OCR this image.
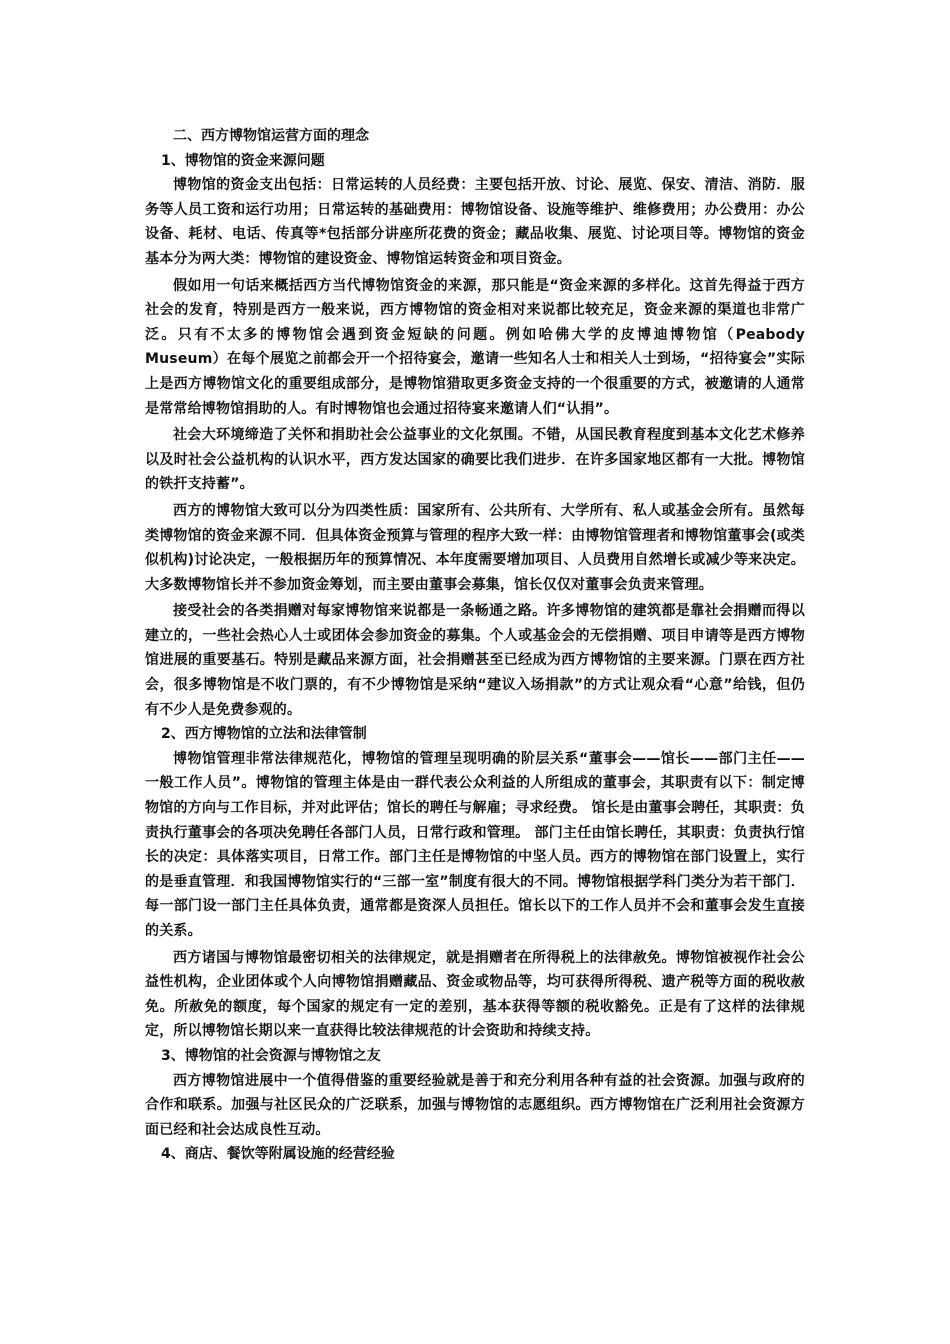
二、西方博物馆运营方面的理念

1、博物馆的资金来源问题

博物馆的资金支出包括：日常运转的人员经费：主要包括开放、讨论、展览、保安、清洁、消防．服务等人员工资和运行功用；日常运转的基础费用：博物馆设备、设施等维护、维修费用；办公费用：办公设备、耗材、电话、传真等*包括部分讲座所花费的资金；藏品收集、展览、讨论项目等。博物馆的资金基本分为两大类：博物馆的建设资金、博物馆运转资金和项目资金。

假如用一句话来概括西方当代博物馆资金的来源，那只能是“资金来源的多样化。这首先得益于西方社会的发育，特别是西方一般来说，西方博物馆的资金相对来说都比较充足，资金来源的渠道也非常广泛。只有不太多的博物馆会遇到资金短缺的问题。例如哈佛大学的皮博迪博物馆（Peabody Museum）在每个展览之前都会开一个招待宴会，邀请一些知名人士和相关人士到场，“招待宴会”实际上是西方博物馆文化的重要组成部分，是博物馆猎取更多资金支持的一个很重要的方式，被邀请的人通常是常常给博物馆捐助的人。有时博物馆也会通过招待宴来邀请人们“认捐”。

社会大环境缔造了关怀和捐助社会公益事业的文化氛围。不错，从国民教育程度到基本文化艺术修养以及时社会公益机构的认识水平，西方发达国家的确要比我们进步．在许多国家地区都有一大批。博物馆的铁扞支持蓄”。

西方的博物馆大致可以分为四类性质：国家所有、公共所有、大学所有、私人或基金会所有。虽然每类博物馆的资金来源不同．但具体资金预算与管理的程序大致一样：由博物馆管理者和博物馆董事会(或类似机构)讨论决定，一般根据历年的预算情况、本年度需要增加项目、人员费用自然增长或减少等来决定。大多数博物馆长并不参加资金筹划，而主要由董事会募集，馆长仅仅对董事会负责来管理。

接受社会的各类捐赠对每家博物馆来说都是一条畅通之路。许多博物馆的建筑都是靠社会捐赠而得以建立的，一些社会热心人士或团体会参加资金的募集。个人或基金会的无偿捐赠、项目申请等是西方博物馆进展的重要基石。特别是藏品来源方面，社会捐赠甚至已经成为西方博物馆的主要来源。门票在西方社会，很多博物馆是不收门票的，有不少博物馆是采纳“建议入场捐款”的方式让观众看“心意”给钱，但仍有不少人是免费参观的。

2、西方博物馆的立法和法律管制

博物馆管理非常法律规范化，博物馆的管理呈现明确的阶层关系“董事会——馆长——部门主任——一般工作人员”。博物馆的管理主体是由一群代表公众利益的人所组成的董事会，其职责有以下：制定博物馆的方向与工作目标，并对此评估；馆长的聘任与解雇；寻求经费。 馆长是由董事会聘任，其职责：负责执行董事会的各项决免聘任各部门人员，日常行政和管理。 部门主任由馆长聘任，其职责：负责执行馆长的决定：具体落实项目，日常工作。部门主任是博物馆的中坚人员。西方的博物馆在部门设置上，实行的是垂直管理．和我国博物馆实行的“三部一室”制度有很大的不同。博物馆根据学科门类分为若干部门．每一部门设一部门主任具体负责，通常都是资深人员担任。馆长以下的工作人员并不会和董事会发生直接的关系。

西方诸国与博物馆最密切相关的法律规定，就是捐赠者在所得税上的法律赦免。博物馆被视作社会公益性机构，企业团体或个人向博物馆捐赠藏品、资金或物品等，均可获得所得税、遗产税等方面的税收赦免。所赦免的额度，每个国家的规定有一定的差别，基本获得等额的税收豁免。正是有了这样的法律规定，所以博物馆长期以来一直获得比较法律规范的计会资助和持续支持。

3、博物馆的社会资源与博物馆之友

西方博物馆进展中一个值得借鉴的重要经验就是善于和充分利用各种有益的社会资源。加强与政府的合作和联系。加强与社区民众的广泛联系，加强与博物馆的志愿组织。西方博物馆在广泛利用社会资源方面已经和社会达成良性互动。

4、商店、餐饮等附属设施的经营经验
